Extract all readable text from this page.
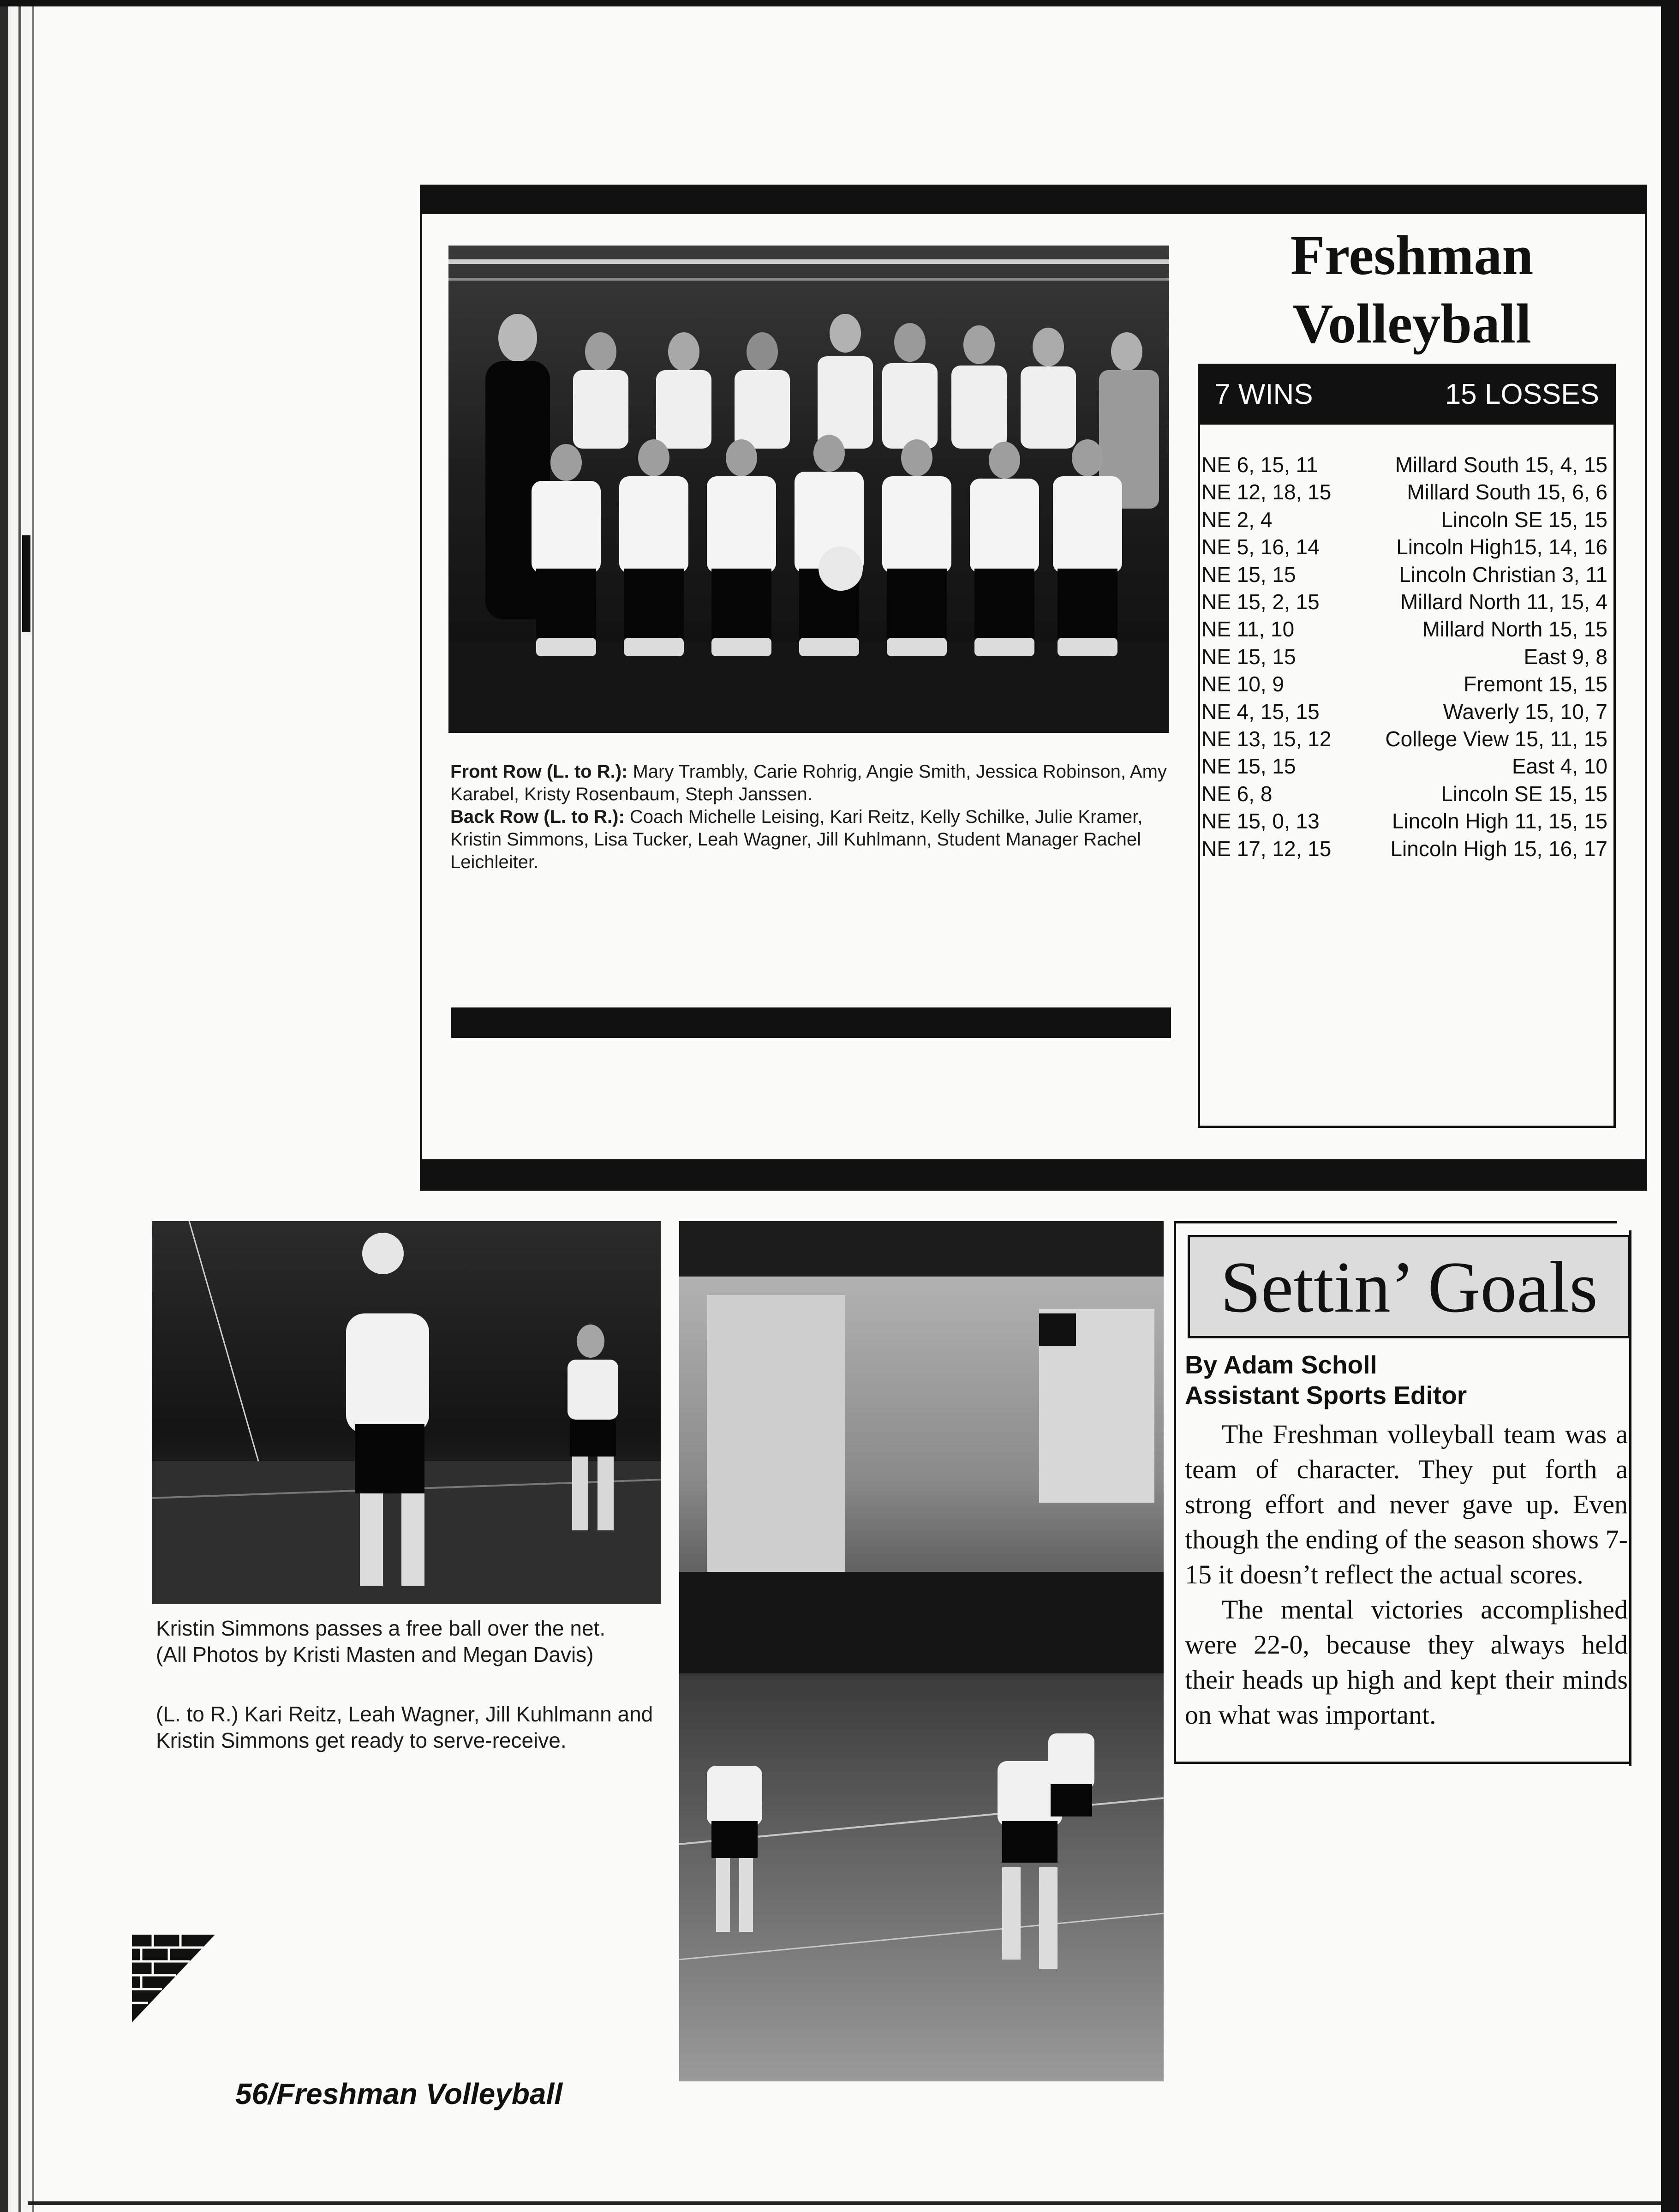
Front Row (L. to R.): Mary Trambly, Carie Rohrig, Angie Smith, Jessica Robinson, Amy Karabel, Kristy Rosenbaum, Steph Janssen.
Back Row (L. to R.): Coach Michelle Leising, Kari Reitz, Kelly Schilke, Julie Kramer, Kristin Simmons, Lisa Tucker, Leah Wagner, Jill Kuhlmann, Student Manager Rachel Leichleiter.
Freshman
Volleyball
7 WINS	15 LOSSES
NE 6, 15, 11	Millard South 15, 4, 15
NE 12, 18, 15	Millard South 15, 6, 6
NE 2, 4	Lincoln SE 15, 15
NE 5, 16, 14	Lincoln High15, 14, 16
NE 15, 15	Lincoln Christian 3, 11
NE 15, 2, 15	Millard North 11, 15, 4
NE 11, 10	Millard North 15, 15
NE 15, 15	East 9, 8
NE 10, 9	Fremont 15, 15
NE 4, 15, 15	Waverly 15, 10, 7
NE 13, 15, 12	College View 15, 11, 15
NE 15, 15	East 4, 10
NE 6, 8	Lincoln SE 15, 15
NE 15, 0, 13	Lincoln High 11, 15, 15
NE 17, 12, 15	Lincoln High 15, 16, 17
Kristin Simmons passes a free ball over the net.
(All Photos by Kristi Masten and Megan Davis)
(L. to R.) Kari Reitz, Leah Wagner, Jill Kuhlmann and Kristin Simmons get ready to serve-receive.
Settin’ Goals
By Adam Scholl
Assistant Sports Editor

The Freshman volleyball team was a team of character. They put forth a strong effort and never gave up. Even though the ending of the season shows 7-15 it doesn’t reflect the actual scores.

The mental victories accomplished were 22-0, because they always held their heads up high and kept their minds on what was important.

56/Freshman Volleyball
